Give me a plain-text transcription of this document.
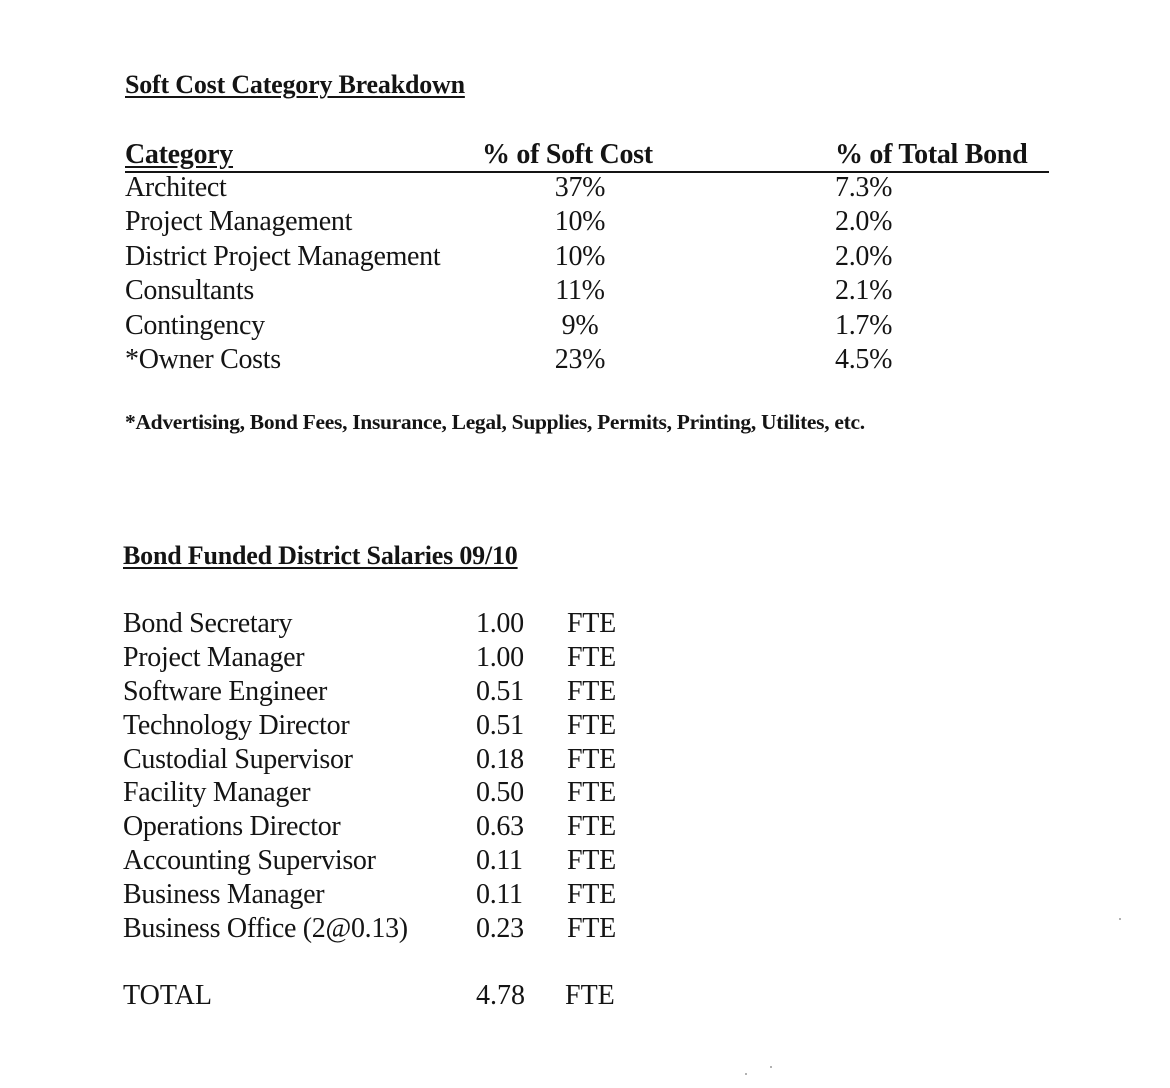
Soft Cost Category Breakdown
Category	% of Soft Cost	% of Total Bond
Architect	37%	7.3%
Project Management	10%	2.0%
District Project Management	10%	2.0%
Consultants	11%	2.1%
Contingency	9%	1.7%
*Owner Costs	23%	4.5%
*Advertising, Bond Fees, Insurance, Legal, Supplies, Permits, Printing, Utilites, etc.
Bond Funded District Salaries 09/10
Bond Secretary	1.00 FTE
Project Manager	1.00 FTE
Software Engineer	0.51 FTE
Technology Director	0.51 FTE
Custodial Supervisor	0.18 FTE
Facility Manager	0.50 FTE
Operations Director	0.63 FTE
Accounting Supervisor	0.11 FTE
Business Manager	0.11 FTE
Business Office (2@0.13) 0.23 FTE
TOTAL	4.78 FTE
